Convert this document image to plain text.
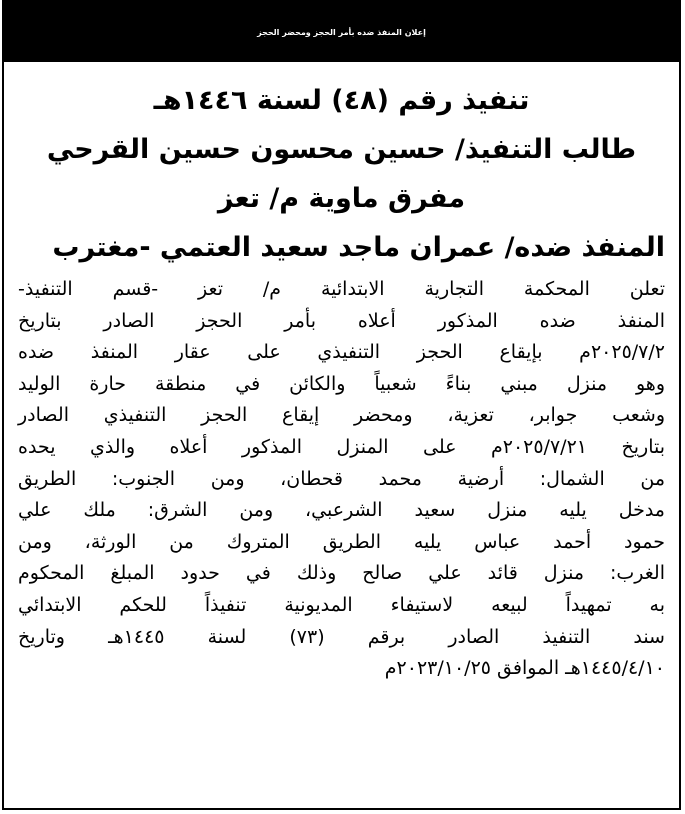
إعلان المنفذ ضده بأمر الحجز ومحضر الحجز
تنفيذ رقم (٤٨) لسنة ١٤٤٦هـ
طالب التنفيذ/ حسين محسون حسين القرحي
مفرق ماوية م/ تعز
المنفذ ضده/ عمران ماجد سعيد العتمي -مغترب
تعلن المحكمة التجارية الابتدائية م/ تعز -قسم التنفيذ-
المنفذ ضده المذكور أعلاه بأمر الحجز الصادر بتاريخ
٢٠٢٥/٧/٢م بإيقاع الحجز التنفيذي على عقار المنفذ ضده
وهو منزل مبني بناءً شعبياً والكائن في منطقة حارة الوليد
وشعب جوابر، تعزية، ومحضر إيقاع الحجز التنفيذي الصادر
بتاريخ ٢٠٢٥/٧/٢١م على المنزل المذكور أعلاه والذي يحده
من الشمال: أرضية محمد قحطان، ومن الجنوب: الطريق
مدخل يليه منزل سعيد الشرعبي، ومن الشرق: ملك علي
حمود أحمد عباس يليه الطريق المتروك من الورثة، ومن
الغرب: منزل قائد علي صالح وذلك في حدود المبلغ المحكوم
به تمهيداً لبيعه لاستيفاء المديونية تنفيذاً للحكم الابتدائي
سند التنفيذ الصادر برقم (٧٣) لسنة ١٤٤٥هـ وتاريخ
١٤٤٥/٤/١٠هـ الموافق ٢٠٢٣/١٠/٢٥م
